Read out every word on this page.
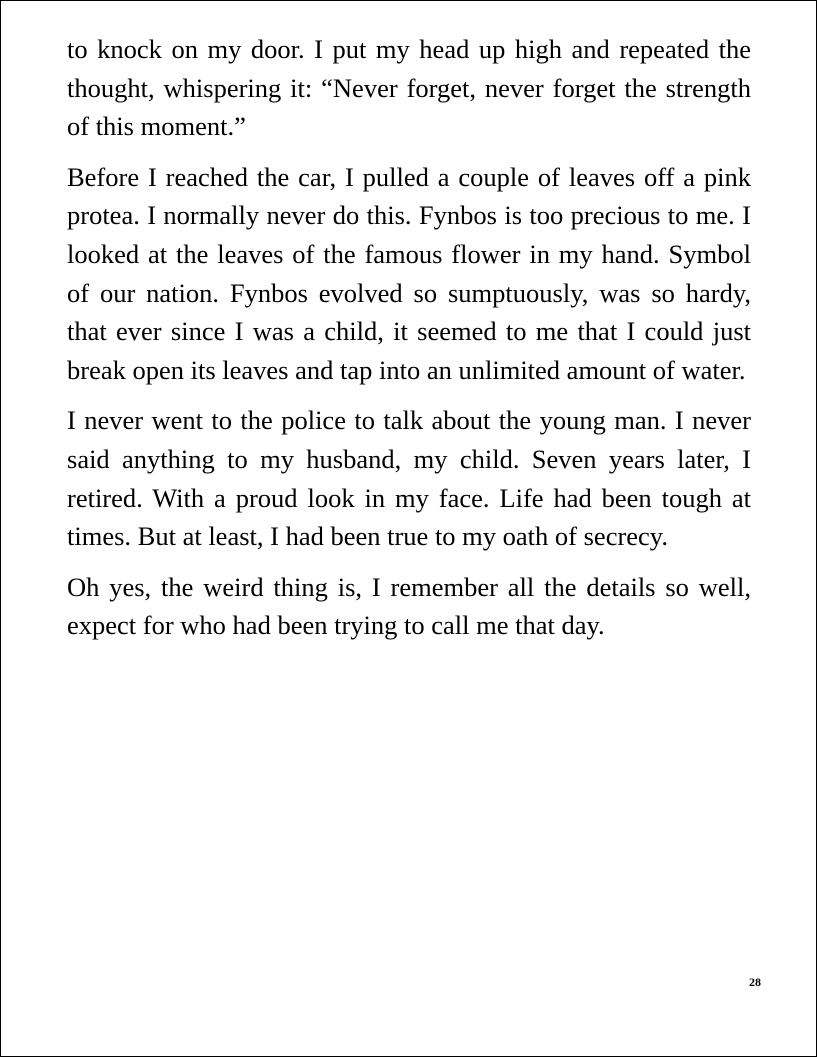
to knock on my door. I put my head up high and repeated the thought, whispering it: “Never forget, never forget the strength of this moment.”

Before I reached the car, I pulled a couple of leaves off a pink protea. I normally never do this. Fynbos is too precious to me. I looked at the leaves of the famous flower in my hand. Symbol of our nation. Fynbos evolved so sumptuously, was so hardy, that ever since I was a child, it seemed to me that I could just break open its leaves and tap into an unlimited amount of water.

I never went to the police to talk about the young man. I never said anything to my husband, my child. Seven years later, I retired. With a proud look in my face. Life had been tough at times. But at least, I had been true to my oath of secrecy.

Oh yes, the weird thing is, I remember all the details so well, expect for who had been trying to call me that day.

28
